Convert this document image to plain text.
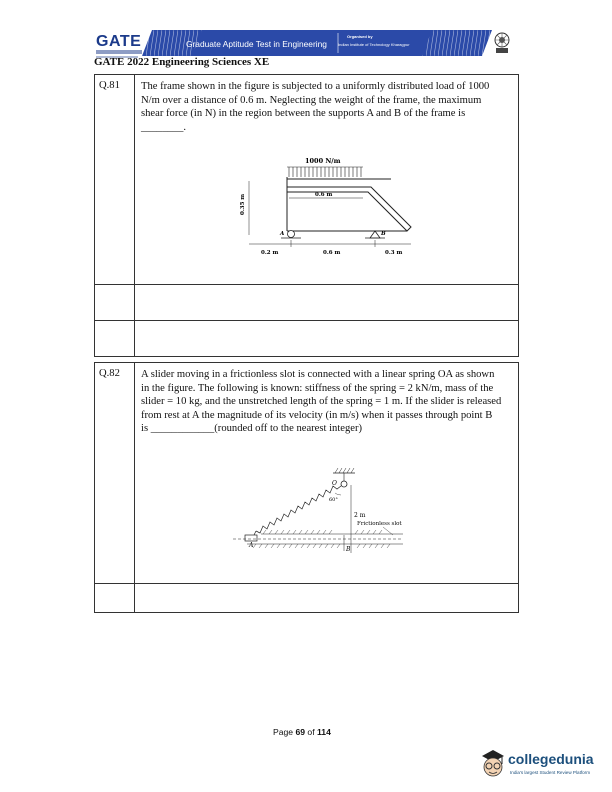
GATE	Graduate Aptitude Test in Engineering
Organised by
Indian Institute of Technology Kharagpur
GATE 2022 Engineering Sciences XE
Q.81 The frame shown in the figure is subjected to a uniformly distributed load of 1000
N/m over a distance of 0.6 m. Neglecting the weight of the frame, the maximum
shear force (in N) in the region between the supports A and B of the frame is
________.
1000 N/m
0.6 m
0.35 m
A	B
0.2 m	0.6 m	0.3 m
Q.82 A slider moving in a frictionless slot is connected with a linear spring OA as shown
in the figure. The following is known: stiffness of the spring = 2 kN/m, mass of the
slider = 10 kg, and the unstretched length of the spring = 1 m. If the slider is released
from rest at A the magnitude of its velocity (in m/s) when it passes through point B
is ____________(rounded off to the nearest integer)
O
2 m
60°
A
B
Frictionless slot
Page 69 of 114
collegedunia
India's largest Student Review Platform
